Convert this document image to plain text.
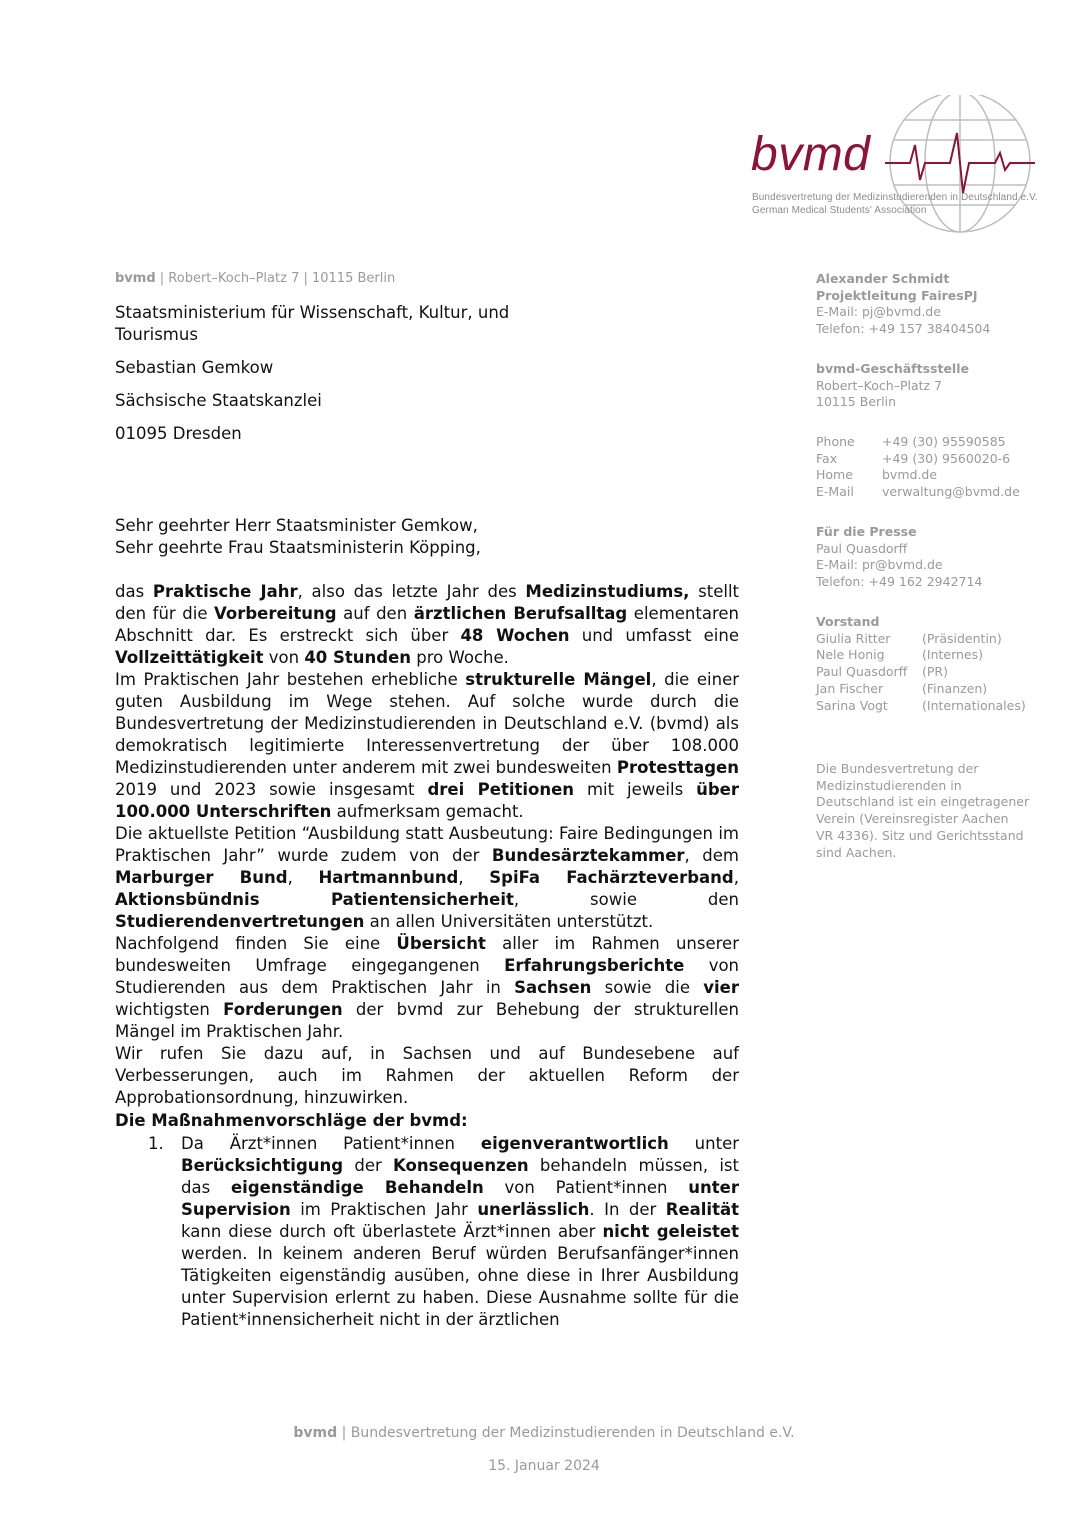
bvmd
Bundesvertretung der Medizinstudierenden in Deutschland e.V.
German Medical Students' Association
bvmd | Robert–Koch–Platz 7 | 10115 Berlin
Staatsministerium für Wissenschaft, Kultur, und
Tourismus
Sebastian Gemkow
Sächsische Staatskanzlei
01095 Dresden
Alexander Schmidt
Projektleitung FairesPJ
E-Mail: pj@bvmd.de
Telefon: +49 157 38404504
bvmd-Geschäftsstelle
Robert–Koch–Platz 7
10115 Berlin
Phone	+49 (30) 95590585
Fax	+49 (30) 9560020-6
Home	bvmd.de
E-Mail	verwaltung@bvmd.de
Für die Presse
Paul Quasdorff
E-Mail: pr@bvmd.de
Telefon: +49 162 2942714
Vorstand
Giulia Ritter	(Präsidentin)
Nele Honig	(Internes)
Paul Quasdorff	(PR)
Jan Fischer	(Finanzen)
Sarina Vogt	(Internationales)
Die Bundesvertretung der
Medizinstudierenden in
Deutschland ist ein eingetragener
Verein (Vereinsregister Aachen
VR 4336). Sitz und Gerichtsstand
sind Aachen.
Sehr geehrter Herr Staatsminister Gemkow,
Sehr geehrte Frau Staatsministerin Köpping,

das Praktische Jahr, also das letzte Jahr des Medizinstudiums, stellt den für die Vorbereitung auf den ärztlichen Berufsalltag elementaren Abschnitt dar. Es erstreckt sich über 48 Wochen und umfasst eine Vollzeittätigkeit von 40 Stunden pro Woche.

Im Praktischen Jahr bestehen erhebliche strukturelle Mängel, die einer guten Ausbildung im Wege stehen. Auf solche wurde durch die Bundesvertretung der Medizinstudierenden in Deutschland e.V. (bvmd) als demokratisch legitimierte Interessenvertretung der über 108.000 Medizinstudierenden unter anderem mit zwei bundesweiten Protesttagen 2019 und 2023 sowie insgesamt drei Petitionen mit jeweils über 100.000 Unterschriften aufmerksam gemacht.

Die aktuellste Petition “Ausbildung statt Ausbeutung: Faire Bedingungen im Praktischen Jahr” wurde zudem von der Bundesärztekammer, dem Marburger Bund, Hartmannbund, SpiFa Fachärzteverband, Aktionsbündnis Patientensicherheit, sowie den Studierendenvertretungen an allen Universitäten unterstützt.

Nachfolgend finden Sie eine Übersicht aller im Rahmen unserer bundesweiten Umfrage eingegangenen Erfahrungsberichte von Studierenden aus dem Praktischen Jahr in Sachsen sowie die vier wichtigsten Forderungen der bvmd zur Behebung der strukturellen Mängel im Praktischen Jahr.

Wir rufen Sie dazu auf, in Sachsen und auf Bundesebene auf Verbesserungen, auch im Rahmen der aktuellen Reform der Approbationsordnung, hinzuwirken.

Die Maßnahmenvorschläge der bvmd:
1. Da Ärzt*innen Patient*innen eigenverantwortlich unter Berücksichtigung der Konsequenzen behandeln müssen, ist das eigenständige Behandeln von Patient*innen unter Supervision im Praktischen Jahr unerlässlich. In der Realität kann diese durch oft überlastete Ärzt*innen aber nicht geleistet werden. In keinem anderen Beruf würden Berufsanfänger*innen Tätigkeiten eigenständig ausüben, ohne diese in Ihrer Ausbildung unter Supervision erlernt zu haben. Diese Ausnahme sollte für die Patient*innensicherheit nicht in der ärztlichen
bvmd | Bundesvertretung der Medizinstudierenden in Deutschland e.V.
15. Januar 2024
